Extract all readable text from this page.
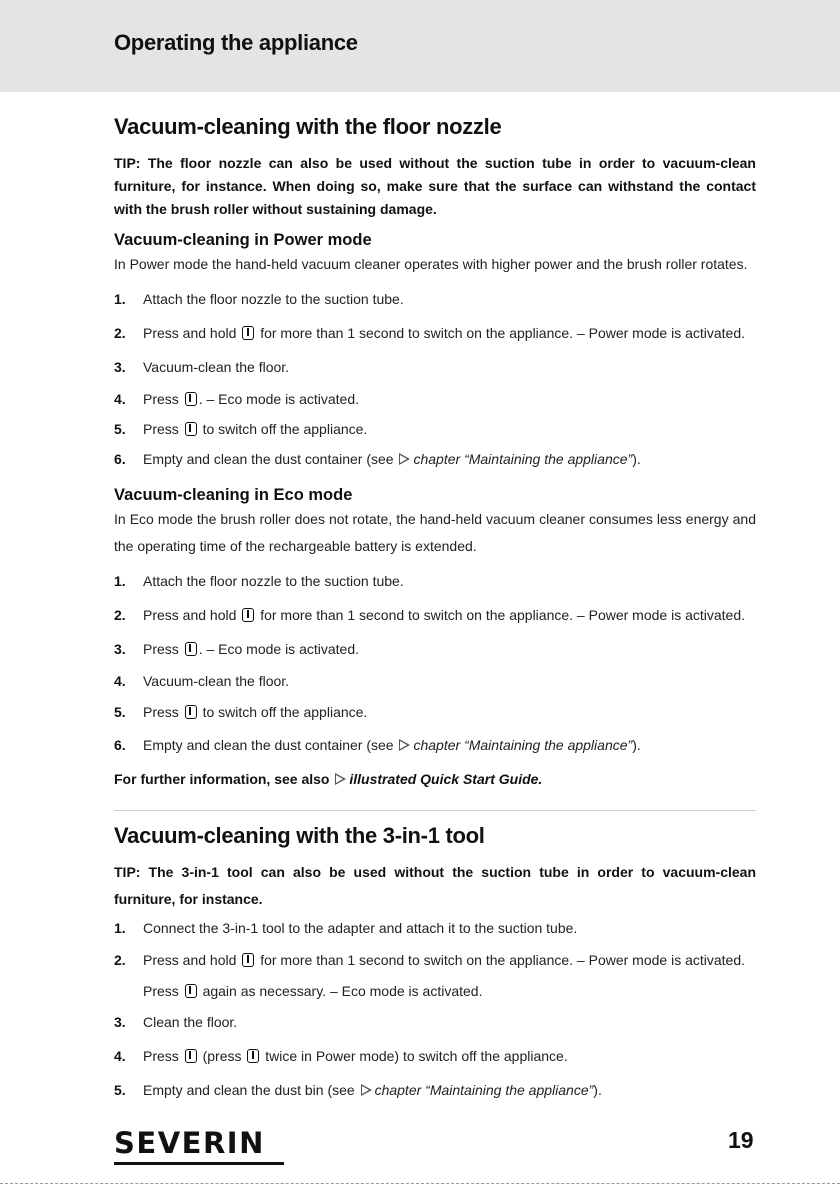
Operating the appliance
Vacuum-cleaning with the floor nozzle

TIP: The floor nozzle can also be used without the suction tube in order to vacuum-clean furniture, for instance. When doing so, make sure that the surface can withstand the contact with the brush roller without sustaining damage.

Vacuum-cleaning in Power mode

In Power mode the hand-held vacuum cleaner operates with higher power and the brush roller rotates.

1. Attach the floor nozzle to the suction tube.
2. Press and hold for more than 1 second to switch on the appliance. – Power mode is activated.
3. Vacuum-clean the floor.
4. Press . – Eco mode is activated.
5. Press to switch off the appliance.
6. Empty and clean the dust container (see chapter “Maintaining the appliance”).
Vacuum-cleaning in Eco mode

In Eco mode the brush roller does not rotate, the hand-held vacuum cleaner consumes less energy and the operating time of the rechargeable battery is extended.

1. Attach the floor nozzle to the suction tube.
2. Press and hold for more than 1 second to switch on the appliance. – Power mode is activated.
3. Press . – Eco mode is activated.
4. Vacuum-clean the floor.
5. Press to switch off the appliance.
6. Empty and clean the dust container (see chapter “Maintaining the appliance”).

For further information, see also illustrated Quick Start Guide.

Vacuum-cleaning with the 3-in-1 tool

TIP: The 3-in-1 tool can also be used without the suction tube in order to vacuum-clean furniture, for instance.

1. Connect the 3-in-1 tool to the adapter and attach it to the suction tube.
2. Press and hold for more than 1 second to switch on the appliance. – Power mode is activated.
Press again as necessary. – Eco mode is activated.
3. Clean the floor.
4. Press (press twice in Power mode) to switch off the appliance.
5. Empty and clean the dust bin (see chapter “Maintaining the appliance”).
SEVERIN	19
